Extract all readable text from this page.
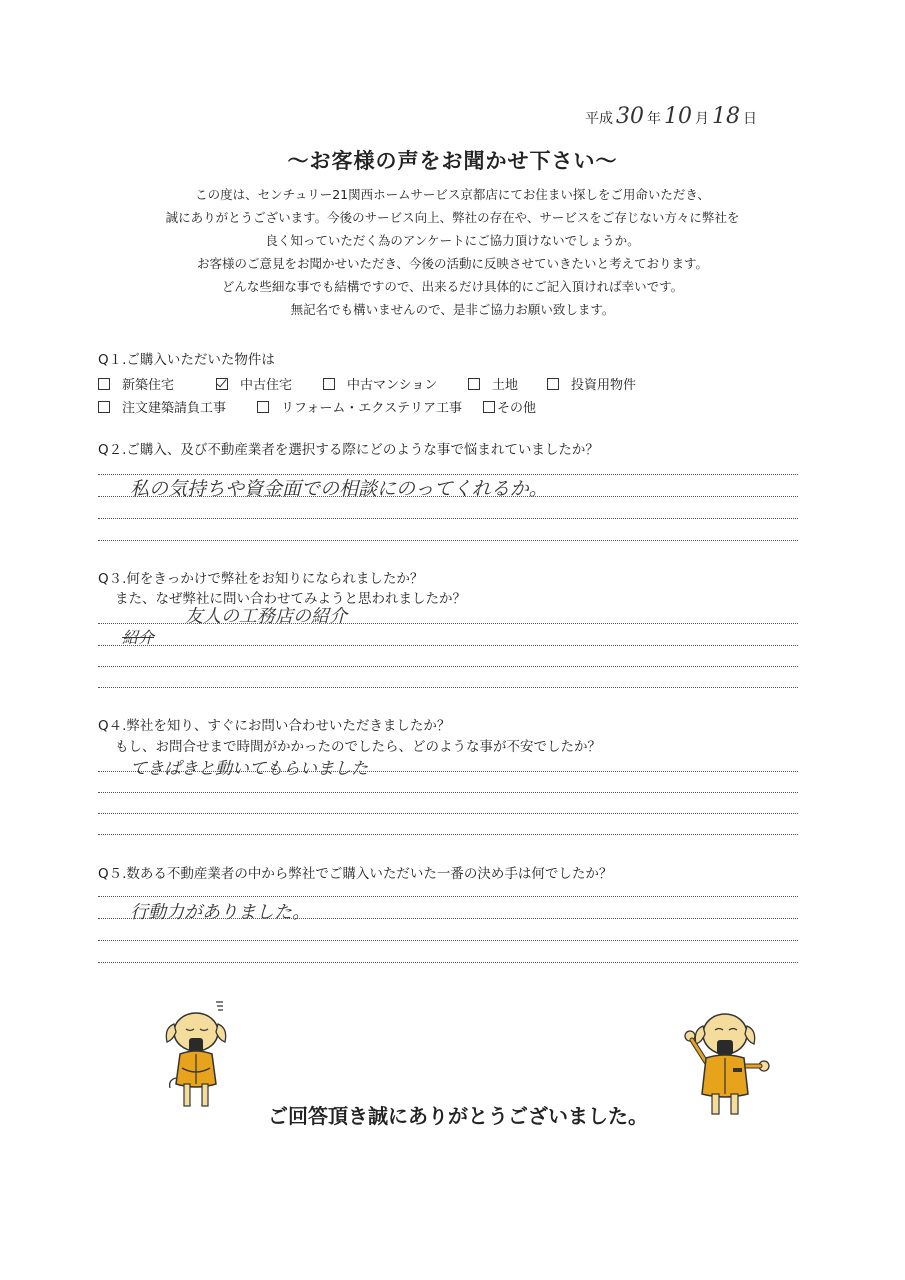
平成 30 年 10 月 18 日
～お客様の声をお聞かせ下さい～
この度は、センチュリー21関西ホームサービス京都店にてお住まい探しをご用命いただき、
誠にありがとうございます。今後のサービス向上、弊社の存在や、サービスをご存じない方々に弊社を
良く知っていただく為のアンケートにご協力頂けないでしょうか。
お客様のご意見をお聞かせいただき、今後の活動に反映させていきたいと考えております。
どんな些細な事でも結構ですので、出来るだけ具体的にご記入頂ければ幸いです。
無記名でも構いませんので、是非ご協力お願い致します。
Q１.ご購入いただいた物件は
新築住宅	中古住宅	中古マンション	土地	投資用物件
注文建築請負工事	リフォーム・エクステリア工事	その他
Q２.ご購入、及び不動産業者を選択する際にどのような事で悩まれていましたか？
私の気持ちや資金面での相談にのってくれるか。
Q３.何をきっかけで弊社をお知りになられましたか？
また、なぜ弊社に問い合わせてみようと思われましたか？
友人の工務店の紹介
紹介
Q４.弊社を知り、すぐにお問い合わせいただきましたか？
もし、お問合せまで時間がかかったのでしたら、どのような事が不安でしたか？
てきぱきと動いてもらいました
Q５.数ある不動産業者の中から弊社でご購入いただいた一番の決め手は何でしたか？
行動力がありました。
ご回答頂き誠にありがとうございました。
